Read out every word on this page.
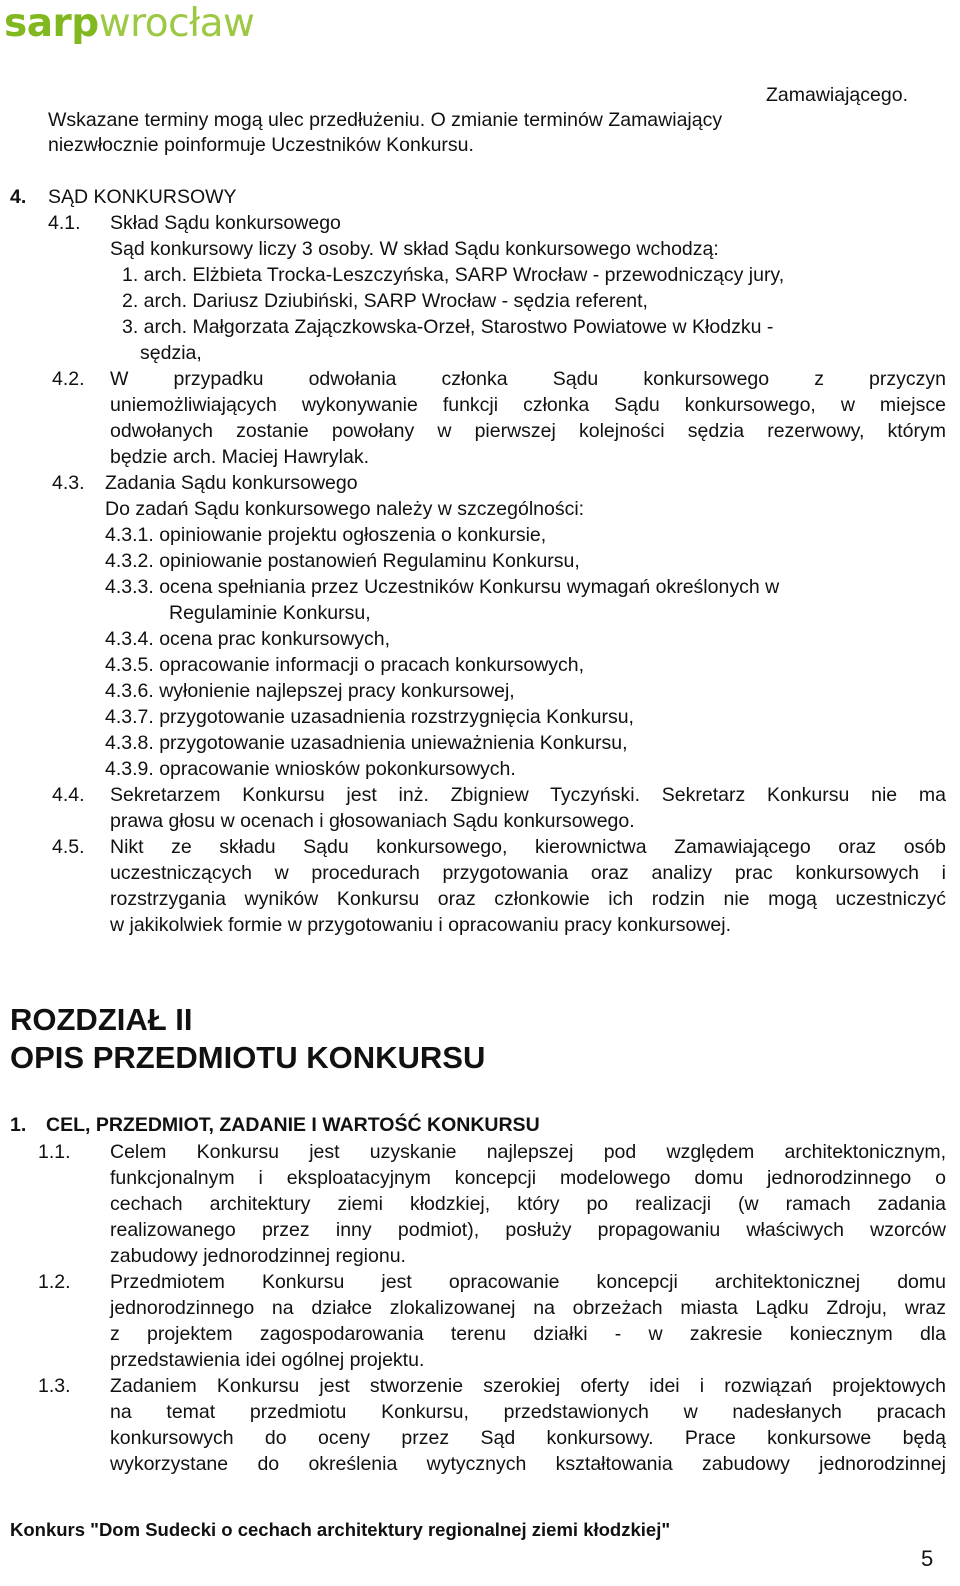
sarpwrocław
Zamawiającego.
Wskazane terminy mogą ulec przedłużeniu. O zmianie terminów Zamawiający
niezwłocznie poinformuje Uczestników Konkursu.
4. SĄD KONKURSOWY
4.1. Skład Sądu konkursowego
Sąd konkursowy liczy 3 osoby. W skład Sądu konkursowego wchodzą:
1. arch. Elżbieta Trocka-Leszczyńska, SARP Wrocław - przewodniczący jury,
2. arch. Dariusz Dziubiński, SARP Wrocław - sędzia referent,
3. arch. Małgorzata Zajączkowska-Orzeł, Starostwo Powiatowe w Kłodzku -
sędzia,
4.2. W przypadku odwołania członka Sądu konkursowego z przyczyn
uniemożliwiających wykonywanie funkcji członka Sądu konkursowego, w miejsce
odwołanych zostanie powołany w pierwszej kolejności sędzia rezerwowy, którym
będzie arch. Maciej Hawrylak.
4.3. Zadania Sądu konkursowego
Do zadań Sądu konkursowego należy w szczególności:
4.3.1. opiniowanie projektu ogłoszenia o konkursie,
4.3.2. opiniowanie postanowień Regulaminu Konkursu,
4.3.3. ocena spełniania przez Uczestników Konkursu wymagań określonych w
Regulaminie Konkursu,
4.3.4. ocena prac konkursowych,
4.3.5. opracowanie informacji o pracach konkursowych,
4.3.6. wyłonienie najlepszej pracy konkursowej,
4.3.7. przygotowanie uzasadnienia rozstrzygnięcia Konkursu,
4.3.8. przygotowanie uzasadnienia unieważnienia Konkursu,
4.3.9. opracowanie wniosków pokonkursowych.
4.4. Sekretarzem Konkursu jest inż. Zbigniew Tyczyński. Sekretarz Konkursu nie ma
prawa głosu w ocenach i głosowaniach Sądu konkursowego.
4.5. Nikt ze składu Sądu konkursowego, kierownictwa Zamawiającego oraz osób
uczestniczących w procedurach przygotowania oraz analizy prac konkursowych i
rozstrzygania wyników Konkursu oraz członkowie ich rodzin nie mogą uczestniczyć
w jakikolwiek formie w przygotowaniu i opracowaniu pracy konkursowej.
ROZDZIAŁ II
OPIS PRZEDMIOTU KONKURSU
1. CEL, PRZEDMIOT, ZADANIE I WARTOŚĆ KONKURSU
1.1. Celem Konkursu jest uzyskanie najlepszej pod względem architektonicznym,
funkcjonalnym i eksploatacyjnym koncepcji modelowego domu jednorodzinnego o
cechach architektury ziemi kłodzkiej, który po realizacji (w ramach zadania
realizowanego przez inny podmiot), posłuży propagowaniu właściwych wzorców
zabudowy jednorodzinnej regionu.
1.2. Przedmiotem Konkursu jest opracowanie koncepcji architektonicznej domu
jednorodzinnego na działce zlokalizowanej na obrzeżach miasta Lądku Zdroju, wraz
z projektem zagospodarowania terenu działki - w zakresie koniecznym dla
przedstawienia idei ogólnej projektu.
1.3. Zadaniem Konkursu jest stworzenie szerokiej oferty idei i rozwiązań projektowych
na temat przedmiotu Konkursu, przedstawionych w nadesłanych pracach
konkursowych do oceny przez Sąd konkursowy. Prace konkursowe będą
wykorzystane do określenia wytycznych kształtowania zabudowy jednorodzinnej
Konkurs "Dom Sudecki o cechach architektury regionalnej ziemi kłodzkiej"
5
